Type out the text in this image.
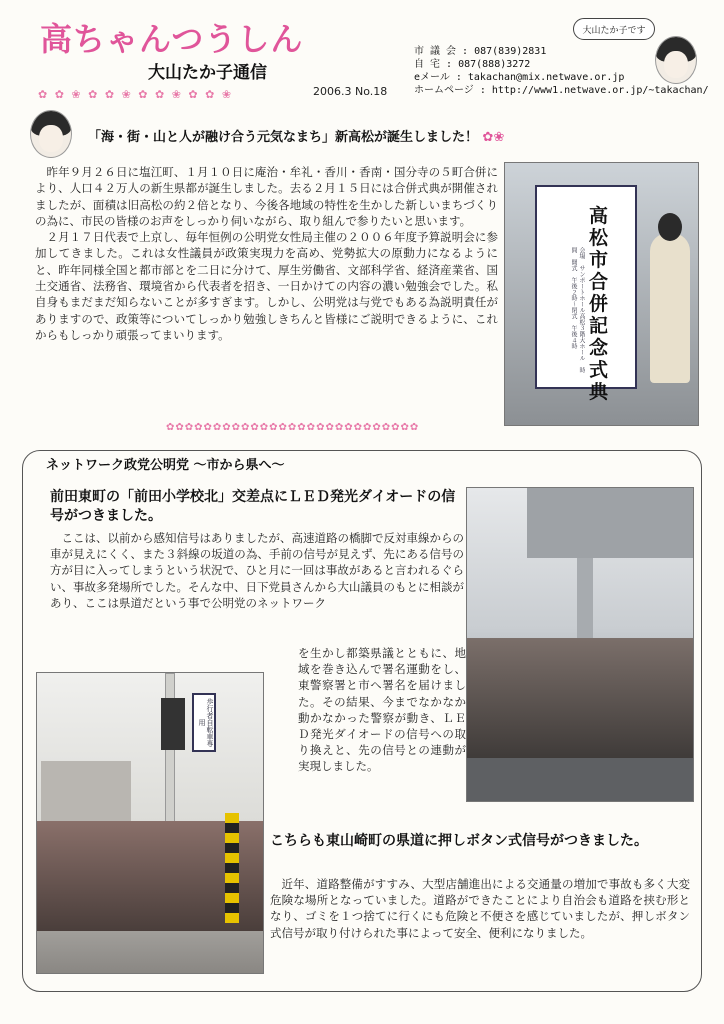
高ちゃんつうしん
大山たか子通信
✿ ✿ ❀ ✿ ✿ ❀ ✿ ✿ ❀ ✿ ✿ ❀	2006.3 No.18
市 議 会 : 087(839)2831
自 宅 : 087(888)3272
eメール : takachan@mix.netwave.or.jp
ホームページ : http://www1.netwave.or.jp/~takachan/
大山たか子です
「海・街・山と人が融け合う元気なまち」新高松が誕生しました！ ✿❀

昨年９月２６日に塩江町、１月１０日に庵治・牟礼・香川・香南・国分寺の５町合併により、人口４２万人の新生県都が誕生しました。去る２月１５日には合併式典が開催されましたが、面積は旧高松の約２倍となり、今後各地域の特性を生かした新しいまちづくりの為に、市民の皆様のお声をしっかり伺いながら、取り組んで参りたいと思います。

２月１７日代表で上京し、毎年恒例の公明党女性局主催の２００６年度予算説明会に参加してきました。これは女性議員が政策実現力を高め、党勢拡大の原動力になるようにと、昨年同様全国と都市部とを二日に分けて、厚生労働省、文部科学省、経済産業省、国土交通省、法務省、環境省から代表者を招き、一日かけての内容の濃い勉強会でした。私自身もまだまだ知らないことが多すぎます。しかし、公明党は与党でもある為説明責任がありますので、政策等についてしっかり勉強しきちんと皆様にご説明できるように、これからもしっかり頑張ってまいります。

✿✿✿✿✿✿✿✿✿✿✿✿✿✿✿✿✿✿✿✿✿✿✿✿✿✿✿
高松市合併記念式典
会場　サンポートホール高松３階大ホール　時間　開式　午後２時〜閉式　午後４時
ネットワーク政党公明党 ～市から県へ～
前田東町の「前田小学校北」交差点にＬＥＤ発光ダイオードの信号がつきました。

ここは、以前から感知信号はありましたが、高速道路の橋脚で反対車線からの車が見えにくく、また３斜線の坂道の為、手前の信号が見えず、先にある信号の方が目に入ってしまうという状況で、ひと月に一回は事故があると言われるぐらい、事故多発場所でした。そんな中、日下党員さんから大山議員のもとに相談があり、ここは県道だという事で公明党のネットワーク

を生かし都築県議とともに、地域を巻き込んで署名運動をし、東警察署と市へ署名を届けました。その結果、今までなかなか動かなかった警察が動き、ＬＥＤ発光ダイオードの信号への取り換えと、先の信号との連動が実現しました。

歩行者自転車専用
こちらも東山崎町の県道に押しボタン式信号がつきました。

近年、道路整備がすすみ、大型店舗進出による交通量の増加で事故も多く大変危険な場所となっていました。道路ができたことにより自治会も道路を挟む形となり、ゴミを１つ捨てに行くにも危険と不便さを感じていましたが、押しボタン式信号が取り付けられた事によって安全、便利になりました。
